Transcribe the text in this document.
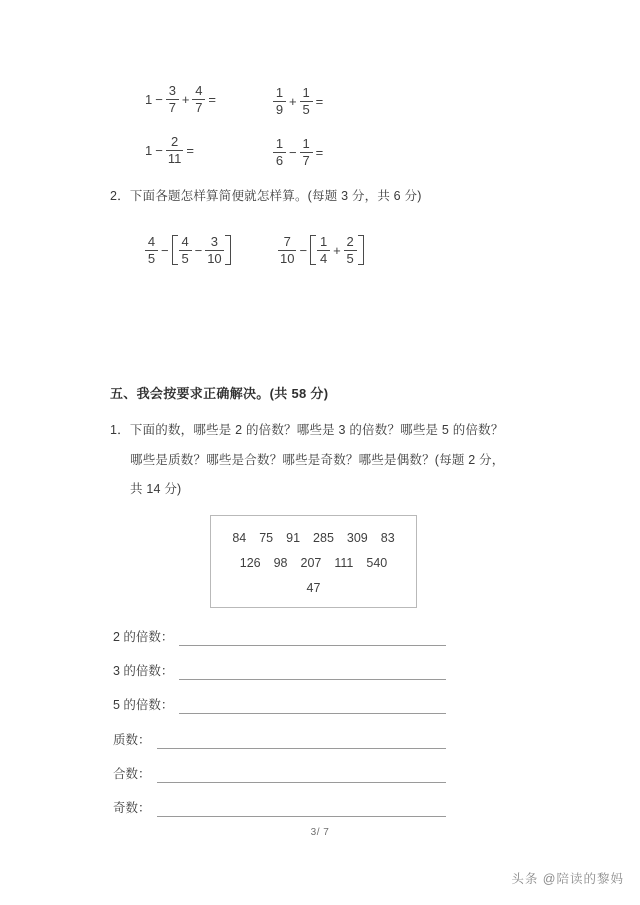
$1 - \frac{3}{7} + \frac{4}{7}$ =	$\frac{1}{9} + \frac{1}{5}$ =
$1 - \frac{2}{11}$ =	$\frac{1}{6} - \frac{1}{7}$ =
2．下面各题怎样算简便就怎样算。(每题 3 分，共 6 分)
$\frac{4}{5} - \frac{4}{5} - \frac{3}{10}$	$\frac{7}{10} - \frac{1}{4} + \frac{2}{5}$
五、我会按要求正确解决。(共 58 分)
1．下面的数，哪些是 2 的倍数？哪些是 3 的倍数？哪些是 5 的倍数？
哪些是质数？哪些是合数？哪些是奇数？哪些是偶数？(每题 2 分，
共 14 分)
84 75 91 285 309 83
126 98 207 111 540
47
2 的倍数：
3 的倍数：
5 的倍数：
质数：
合数：
奇数：
3/ 7
头条 @陪读的黎妈
